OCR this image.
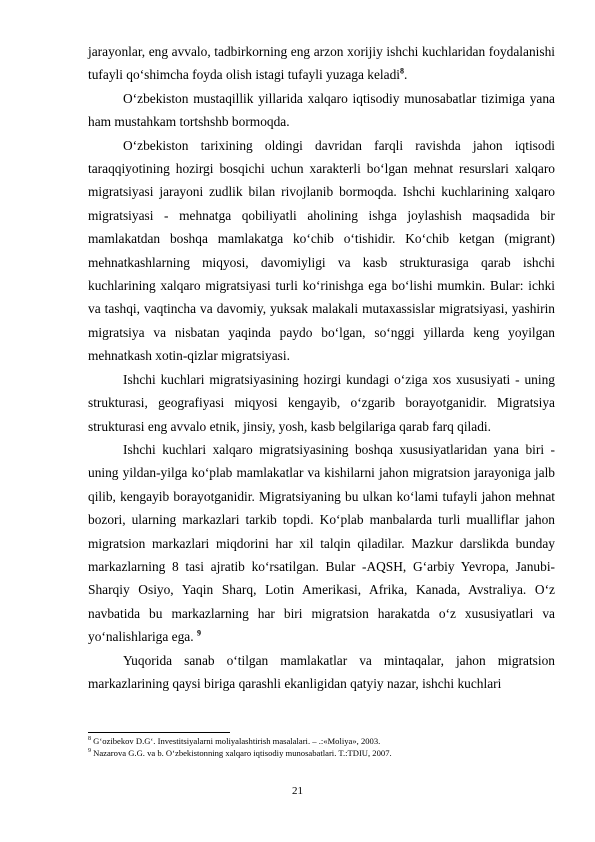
jarayonlar, eng avvalo, tadbirkorning eng arzon xorijiy ishchi kuchlaridan foydalanishi tufayli qo‘shimcha foyda olish istagi tufayli yuzaga keladi$^8$.

O‘zbekiston mustaqillik yillarida xalqaro iqtisodiy munosabatlar tizimiga yana ham mustahkam tortshshb bormoqda.

O‘zbekiston tarixining oldingi davridan farqli ravishda jahon iqtisodi taraqqiyotining hozirgi bosqichi uchun xarakterli bo‘lgan mehnat resurslari xalqaro migratsiyasi jarayoni zudlik bilan rivojlanib bormoqda. Ishchi kuchlarining xalqaro migratsiyasi - mehnatga qobiliyatli aholining ishga joylashish maqsadida bir mamlakatdan boshqa mamlakatga ko‘chib o‘tishidir. Ko‘chib ketgan (migrant) mehnatkashlarning miqyosi, davomiyligi va kasb strukturasiga qarab ishchi kuchlarining xalqaro migratsiyasi turli ko‘rinishga ega bo‘lishi mumkin. Bular: ichki va tashqi, vaqtincha va davomiy, yuksak malakali mutaxassislar migratsiyasi, yashirin migratsiya va nisbatan yaqinda paydo bo‘lgan, so‘nggi yillarda keng yoyilgan mehnatkash xotin-qizlar migratsiyasi.

Ishchi kuchlari migratsiyasining hozirgi kundagi o‘ziga xos xususiyati - uning strukturasi, geografiyasi miqyosi kengayib, o‘zgarib borayotganidir. Migratsiya strukturasi eng avvalo etnik, jinsiy, yosh, kasb belgilariga qarab farq qiladi.

Ishchi kuchlari xalqaro migratsiyasining boshqa xususiyatlaridan yana biri - uning yildan-yilga ko‘plab mamlakatlar va kishilarni jahon migratsion jarayoniga jalb qilib, kengayib borayotganidir. Migratsiyaning bu ulkan ko‘lami tufayli jahon mehnat bozori, ularning markazlari tarkib topdi. Ko‘plab manbalarda turli mualliflar jahon migratsion markazlari miqdorini har xil talqin qiladilar. Mazkur darslikda bunday markazlarning 8 tasi ajratib ko‘rsatilgan. Bular -AQSH, G‘arbiy Yevropa, Janubi-Sharqiy Osiyo, Yaqin Sharq, Lotin Amerikasi, Afrika, Kanada, Avstraliya. O‘z navbatida bu markazlarning har biri migratsion harakatda o‘z xususiyatlari va yo‘nalishlariga ega. $^9$

Yuqorida sanab o‘tilgan mamlakatlar va mintaqalar, jahon migratsion markazlarining qaysi biriga qarashli ekanligidan qatyiy nazar, ishchi kuchlari

$^8$ G‘ozibekov D.G‘. Investitsiyalarni moliyalashtirish masalalari. – .:«Moliya», 2003.
$^9$ Nazarova G.G. va b. O‘zbekistonning xalqaro iqtisodiy munosabatlari. T.:TDIU, 2007.
21
